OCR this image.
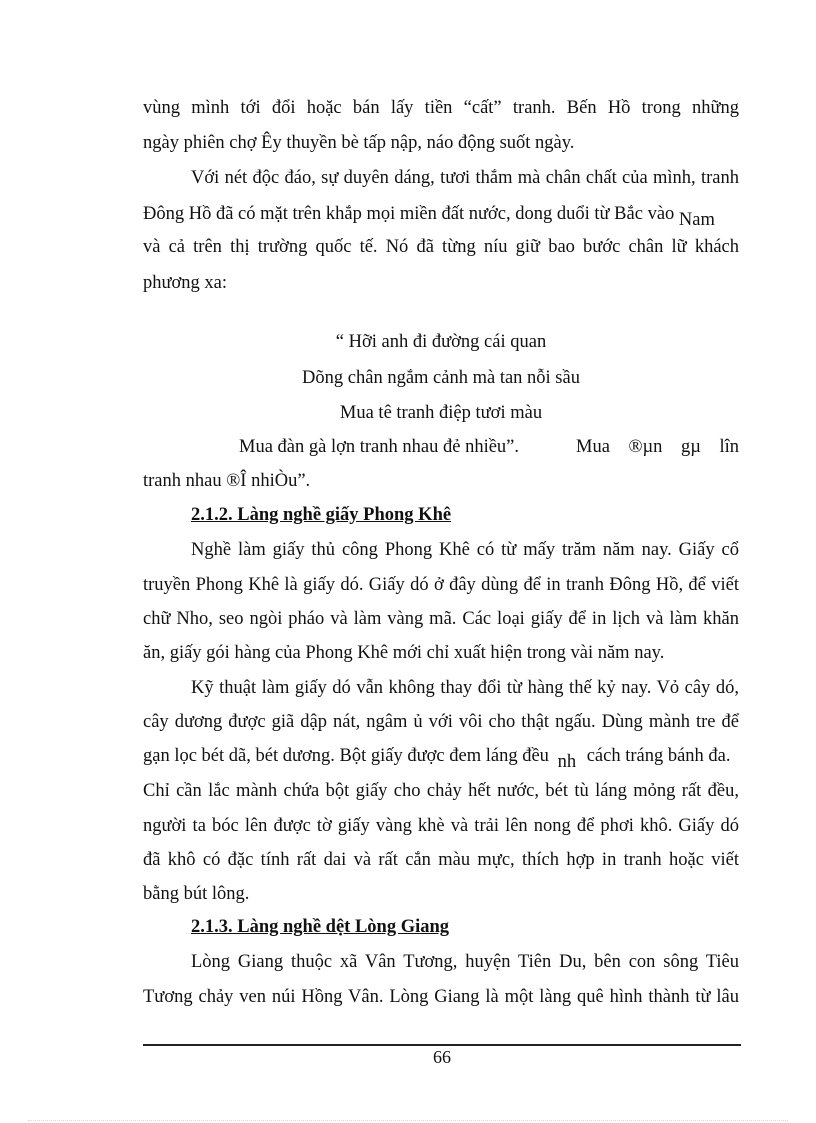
vùng mình tới đổi hoặc bán lấy tiền “cất” tranh. Bến Hồ trong những
ngày phiên chợ Êy thuyền bè tấp nập, náo động suốt ngày.
Với nét độc đáo, sự duyên dáng, tươi thắm mà chân chất của mình, tranh
Đông Hồ đã có mặt trên khắp mọi miền đất nước, dong duổi từ Bắc vào Nam
và cả trên thị trường quốc tế. Nó đã từng níu giữ bao bước chân lữ khách
phương xa:
“ Hỡi anh đi đường cái quan
Dõng chân ngắm cảnh mà tan nỗi sầu
Mua tê tranh điệp tươi màu
Mua đàn gà lợn tranh nhau đẻ nhiều”.	Mua ®µn gµ lîn
tranh nhau ®Î nhiÒu”.
2.1.2. Làng nghề giấy Phong Khê
Nghề làm giấy thủ công Phong Khê có từ mấy trăm năm nay. Giấy cổ
truyền Phong Khê là giấy dó. Giấy dó ở đây dùng để in tranh Đông Hồ, để viết
chữ Nho, seo ngòi pháo và làm vàng mã. Các loại giấy để in lịch và làm khăn
ăn, giấy gói hàng của Phong Khê mới chỉ xuất hiện trong vài năm nay.
Kỹ thuật làm giấy dó vẫn không thay đổi từ hàng thế kỷ nay. Vỏ cây dó,
cây dương được giã dập nát, ngâm ủ với vôi cho thật ngấu. Dùng mành tre để
gạn lọc bét dã, bét dương. Bột giấy được đem láng đều nh cách tráng bánh đa.
Chỉ cần lắc mành chứa bột giấy cho chảy hết nước, bét tù láng mỏng rất đều,
người ta bóc lên được tờ giấy vàng khè và trải lên nong để phơi khô. Giấy dó
đã khô có đặc tính rất dai và rất cắn màu mực, thích hợp in tranh hoặc viết
bằng bút lông.
2.1.3. Làng nghề dệt Lòng Giang
Lòng Giang thuộc xã Vân Tương, huyện Tiên Du, bên con sông Tiêu
Tương chảy ven núi Hồng Vân. Lòng Giang là một làng quê hình thành từ lâu
66
